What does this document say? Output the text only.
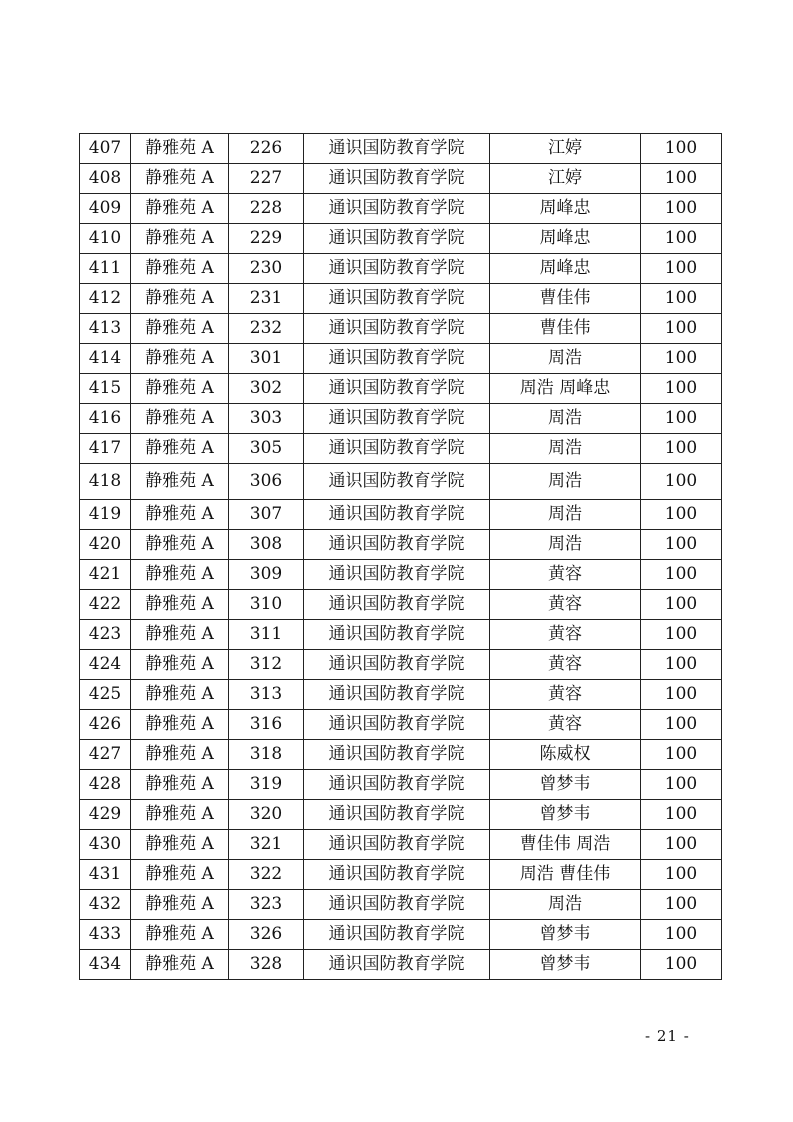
407	静雅苑 A	226	通识国防教育学院	江婷	100
408	静雅苑 A	227	通识国防教育学院	江婷	100
409	静雅苑 A	228	通识国防教育学院	周峰忠	100
410	静雅苑 A	229	通识国防教育学院	周峰忠	100
411	静雅苑 A	230	通识国防教育学院	周峰忠	100
412	静雅苑 A	231	通识国防教育学院	曹佳伟	100
413	静雅苑 A	232	通识国防教育学院	曹佳伟	100
414	静雅苑 A	301	通识国防教育学院	周浩	100
415	静雅苑 A	302	通识国防教育学院	周浩 周峰忠	100
416	静雅苑 A	303	通识国防教育学院	周浩	100
417	静雅苑 A	305	通识国防教育学院	周浩	100
418	静雅苑 A	306	通识国防教育学院	周浩	100
419	静雅苑 A	307	通识国防教育学院	周浩	100
420	静雅苑 A	308	通识国防教育学院	周浩	100
421	静雅苑 A	309	通识国防教育学院	黄容	100
422	静雅苑 A	310	通识国防教育学院	黄容	100
423	静雅苑 A	311	通识国防教育学院	黄容	100
424	静雅苑 A	312	通识国防教育学院	黄容	100
425	静雅苑 A	313	通识国防教育学院	黄容	100
426	静雅苑 A	316	通识国防教育学院	黄容	100
427	静雅苑 A	318	通识国防教育学院	陈威权	100
428	静雅苑 A	319	通识国防教育学院	曾梦韦	100
429	静雅苑 A	320	通识国防教育学院	曾梦韦	100
430	静雅苑 A	321	通识国防教育学院	曹佳伟 周浩	100
431	静雅苑 A	322	通识国防教育学院	周浩 曹佳伟	100
432	静雅苑 A	323	通识国防教育学院	周浩	100
433	静雅苑 A	326	通识国防教育学院	曾梦韦	100
434	静雅苑 A	328	通识国防教育学院	曾梦韦	100
- 21 -
